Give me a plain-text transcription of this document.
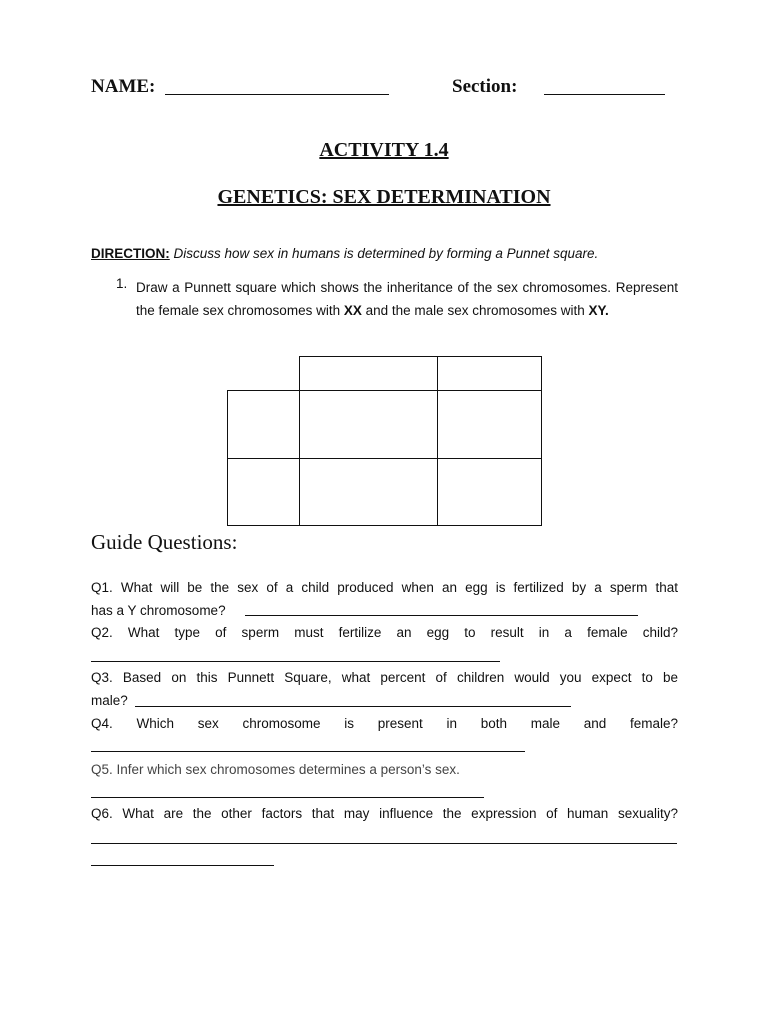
NAME:	Section:
ACTIVITY 1.4
GENETICS: SEX DETERMINATION
DIRECTION: Discuss how sex in humans is determined by forming a Punnet square.
1. Draw a Punnett square which shows the inheritance of the sex chromosomes. Represent the female sex chromosomes with XX and the male sex chromosomes with XY.
Guide Questions:
Q1. What will be the sex of a child produced when an egg is fertilized by a sperm that
has a Y chromosome?
Q2. What type of sperm must fertilize an egg to result in a female child?
Q3. Based on this Punnett Square, what percent of children would you expect to be
male?
Q4. Which sex chromosome is present in both male and female?
Q5. Infer which sex chromosomes determines a person’s sex.
Q6. What are the other factors that may influence the expression of human sexuality?
